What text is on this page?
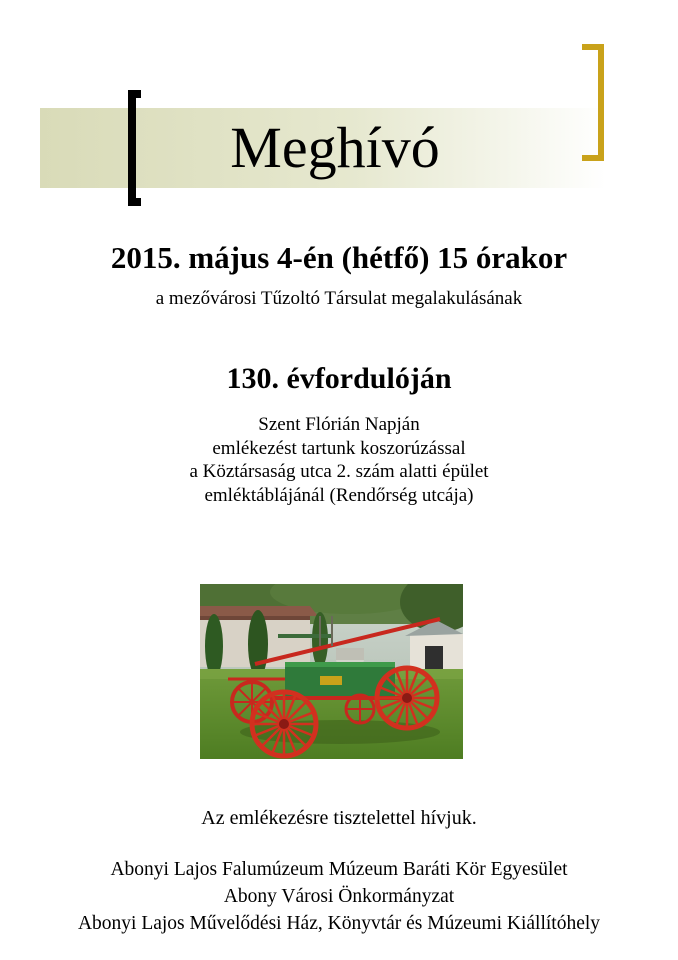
Meghívó
2015. május 4-én (hétfő) 15 órakor
a mezővárosi Tűzoltó Társulat megalakulásának
130. évfordulóján
Szent Flórián Napján
emlékezést tartunk koszorúzással
a Köztársaság utca 2. szám alatti épület
emléktáblájánál (Rendőrség utcája)
Az emlékezésre tisztelettel hívjuk.
Abonyi Lajos Falumúzeum Múzeum Baráti Kör Egyesület
Abony Városi Önkormányzat
Abonyi Lajos Művelődési Ház, Könyvtár és Múzeumi Kiállítóhely
